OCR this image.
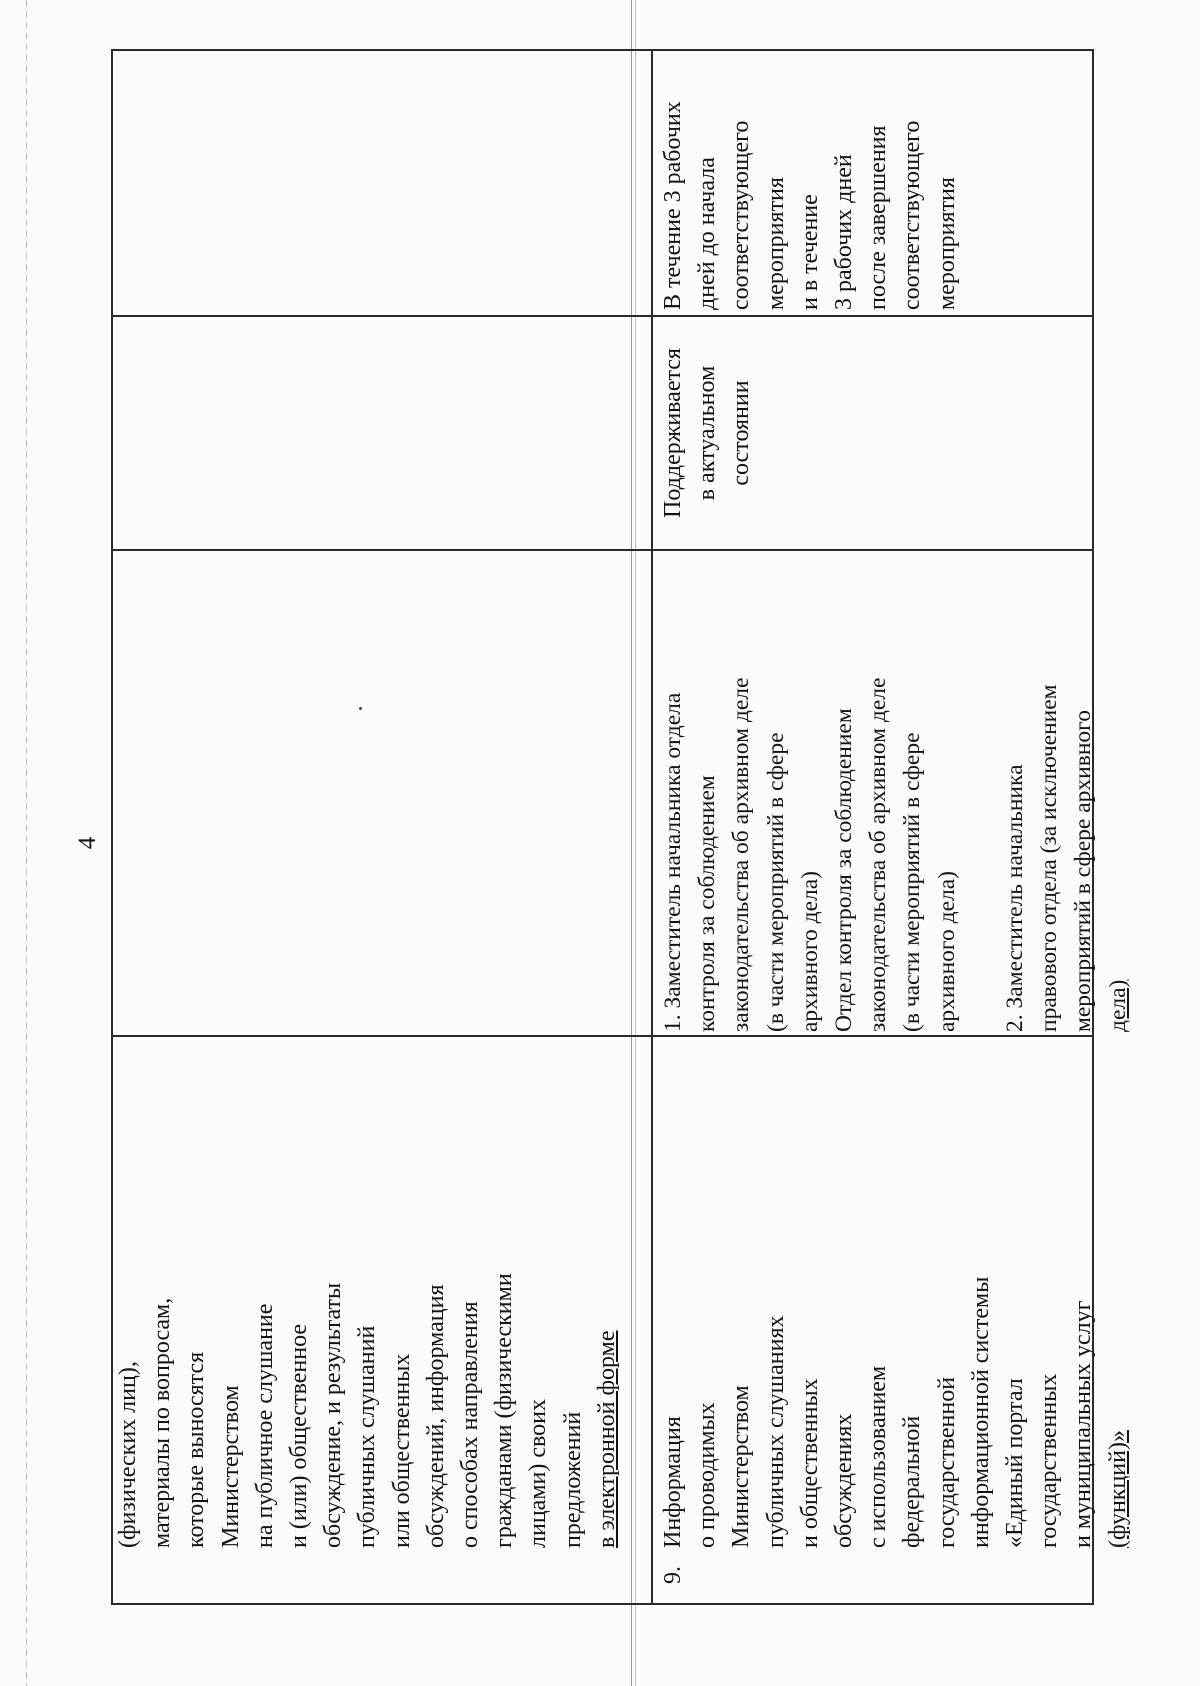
4
(физических лиц), материалы по вопросам, которые выносятся Министерством на публичное слушание и (или) общественное обсуждение, и результаты публичных слушаний или общественных обсуждений, информация о способах направления гражданами (физическими лицами) своих предложений в электронной форме
9.
Информация о проводимых Министерством публичных слушаниях и общественных обсуждениях с использованием федеральной государственной информационной системы «Единый портал государственных и муниципальных услуг (функций)»
1. Заместитель начальника отдела контроля за соблюдением законодательства об архивном деле (в части мероприятий в сфере архивного дела) Отдел контроля за соблюдением законодательства об архивном деле (в части мероприятий в сфере архивного дела) 2. Заместитель начальника правового отдела (за исключением мероприятий в сфере архивного дела)
Поддерживается в актуальном состоянии
В течение 3 рабочих дней до начала соответствующего мероприятия и в течение 3 рабочих дней после завершения соответствующего мероприятия
